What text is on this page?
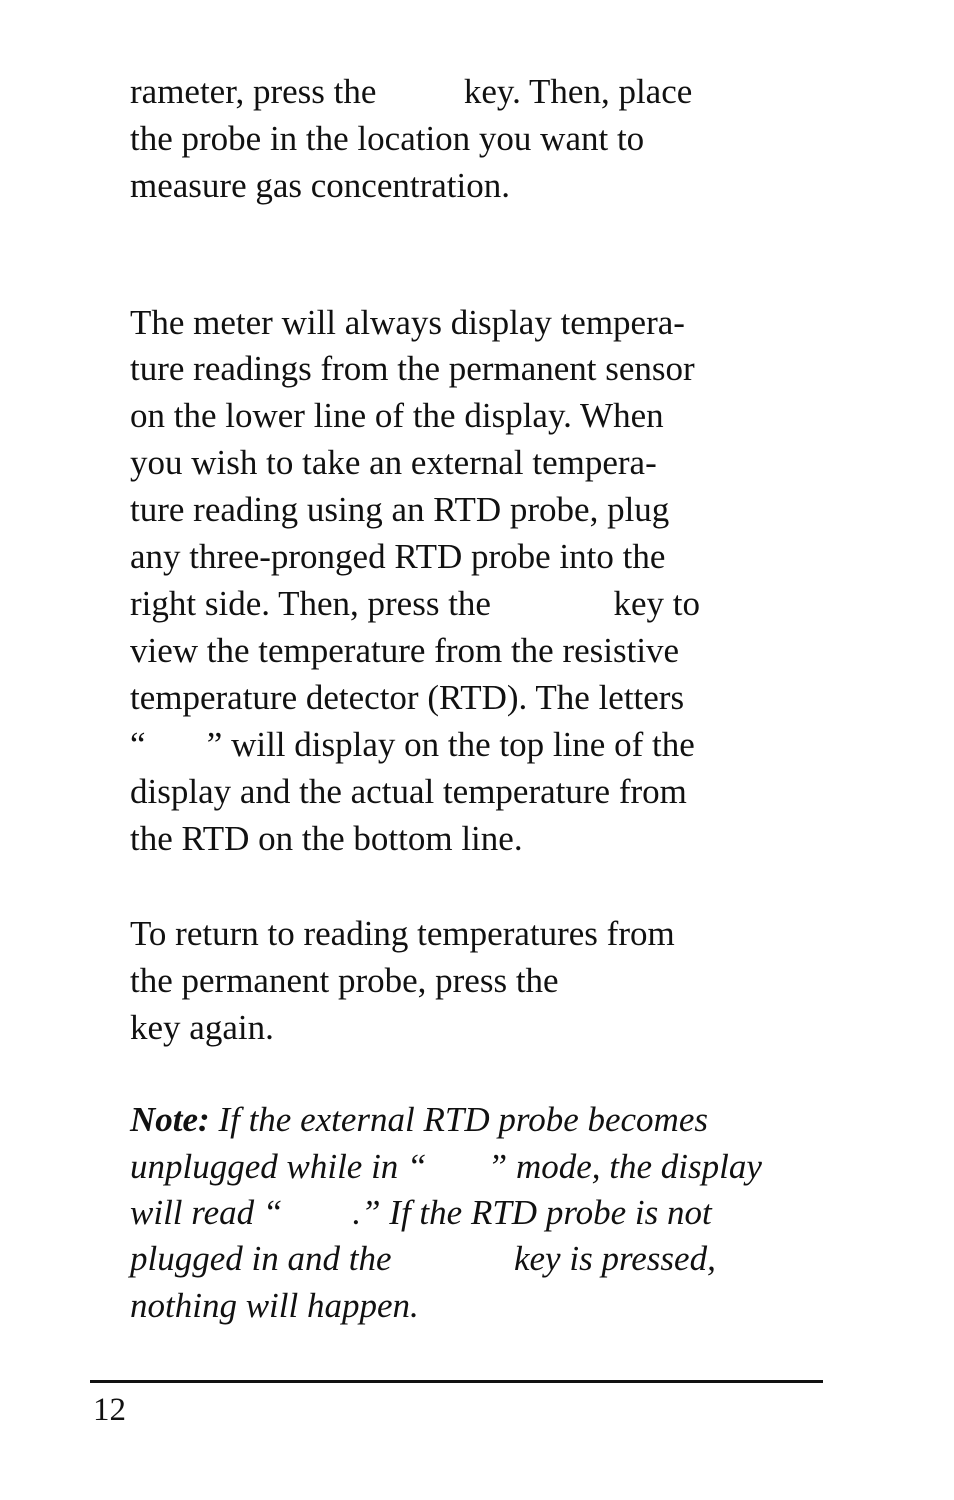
rameter, press the          key. Then, place

the probe in the location you want to

measure gas concentration.

The meter will always display tempera-

ture readings from the permanent sensor

on the lower line of the display. When

you wish to take an external tempera-

ture reading using an RTD probe, plug

any three-pronged RTD probe into the

right side. Then, press the              key to

view the temperature from the resistive

temperature detector (RTD). The letters

“       ” will display on the top line of the

display and the actual temperature from

the RTD on the bottom line.

To return to reading temperatures from

the permanent probe, press the

key again.

Note: If the external RTD probe becomes

unplugged while in “       ” mode, the display

will read “        .” If the RTD probe is not

plugged in and the              key is pressed,

nothing will happen.

12
